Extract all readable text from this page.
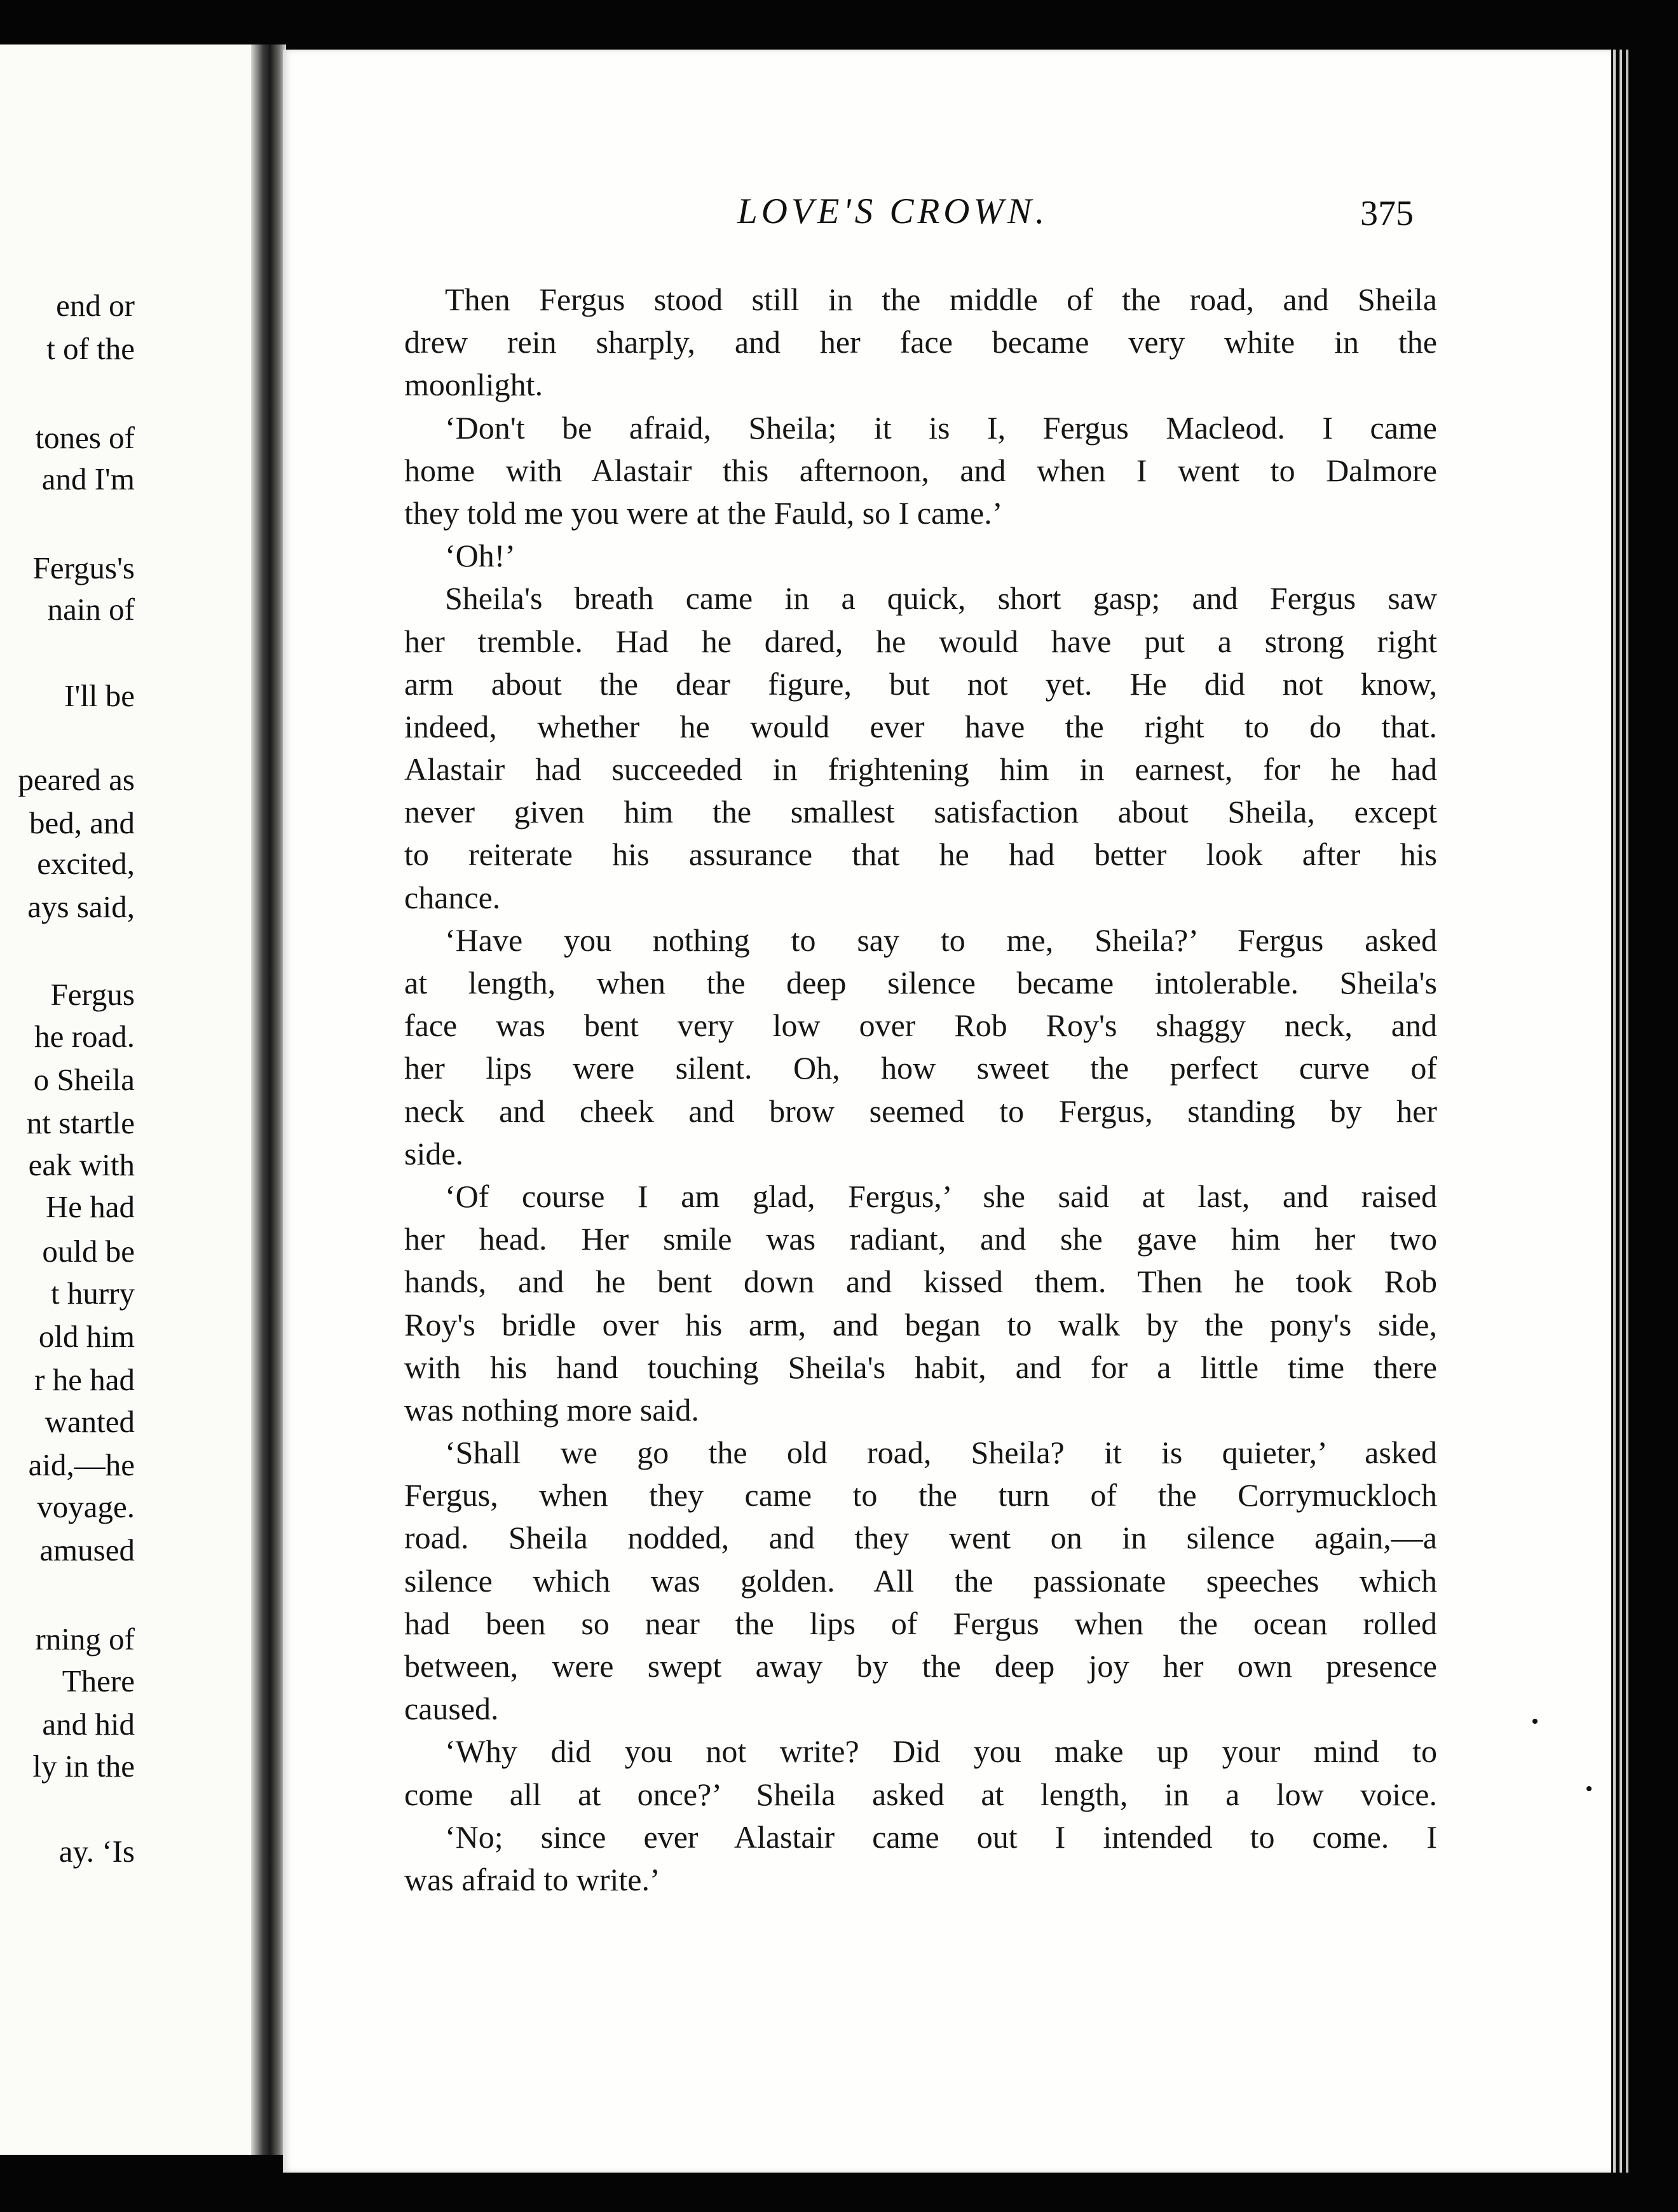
end or
t of the
tones of
and I'm
Fergus's
nain of
I'll be
peared as
bed, and
excited,
ays said,
Fergus
he road.
o Sheila
nt startle
eak with
He had
ould be
t hurry
old him
r he had
wanted
aid,—he
voyage.
amused
rning of
There
and hid
ly in the
ay. ‘Is
LOVE'S CROWN.	375
Then Fergus stood still in the middle of the road, and Sheila
drew rein sharply, and her face became very white in the
moonlight.
‘Don't be afraid, Sheila; it is I, Fergus Macleod. I came
home with Alastair this afternoon, and when I went to Dalmore
they told me you were at the Fauld, so I came.’
‘Oh!’
Sheila's breath came in a quick, short gasp; and Fergus saw
her tremble. Had he dared, he would have put a strong right
arm about the dear figure, but not yet. He did not know,
indeed, whether he would ever have the right to do that.
Alastair had succeeded in frightening him in earnest, for he had
never given him the smallest satisfaction about Sheila, except
to reiterate his assurance that he had better look after his
chance.
‘Have you nothing to say to me, Sheila?’ Fergus asked
at length, when the deep silence became intolerable. Sheila's
face was bent very low over Rob Roy's shaggy neck, and
her lips were silent. Oh, how sweet the perfect curve of
neck and cheek and brow seemed to Fergus, standing by her
side.
‘Of course I am glad, Fergus,’ she said at last, and raised
her head. Her smile was radiant, and she gave him her two
hands, and he bent down and kissed them. Then he took Rob
Roy's bridle over his arm, and began to walk by the pony's side,
with his hand touching Sheila's habit, and for a little time there
was nothing more said.
‘Shall we go the old road, Sheila? it is quieter,’ asked
Fergus, when they came to the turn of the Corrymuckloch
road. Sheila nodded, and they went on in silence again,—a
silence which was golden. All the passionate speeches which
had been so near the lips of Fergus when the ocean rolled
between, were swept away by the deep joy her own presence
caused.
‘Why did you not write? Did you make up your mind to
come all at once?’ Sheila asked at length, in a low voice.
‘No; since ever Alastair came out I intended to come. I
was afraid to write.’
